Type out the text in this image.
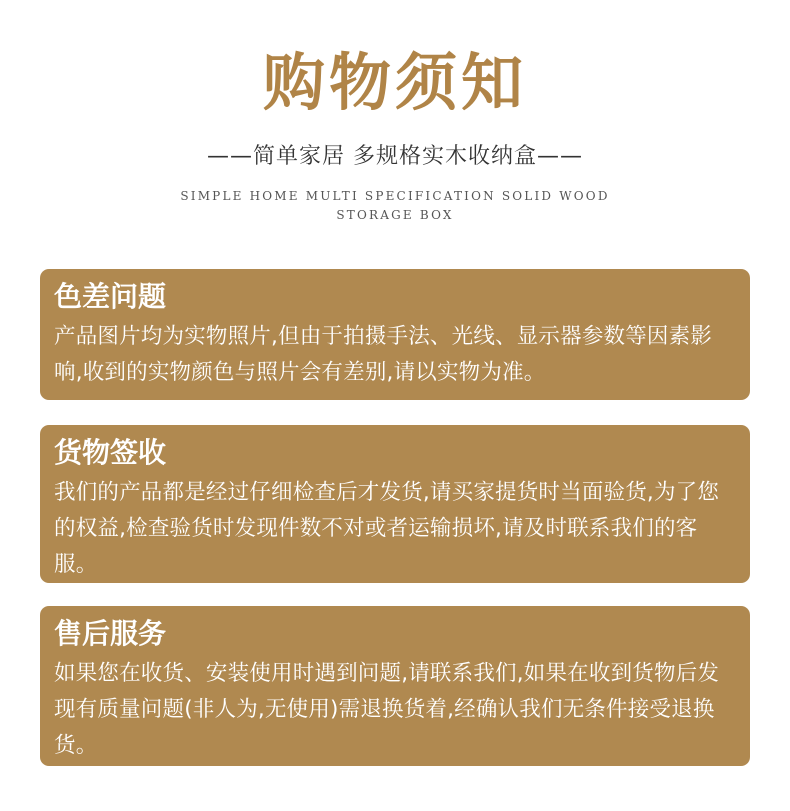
购物须知
——简单家居 多规格实木收纳盒——
SIMPLE HOME MULTI SPECIFICATION SOLID WOOD STORAGE BOX
色差问题
产品图片均为实物照片,但由于拍摄手法、光线、显示器参数等因素影响,收到的实物颜色与照片会有差别,请以实物为准。
货物签收
我们的产品都是经过仔细检查后才发货,请买家提货时当面验货,为了您的权益,检查验货时发现件数不对或者运输损坏,请及时联系我们的客服。
售后服务
如果您在收货、安装使用时遇到问题,请联系我们,如果在收到货物后发现有质量问题(非人为,无使用)需退换货着,经确认我们无条件接受退换货。
